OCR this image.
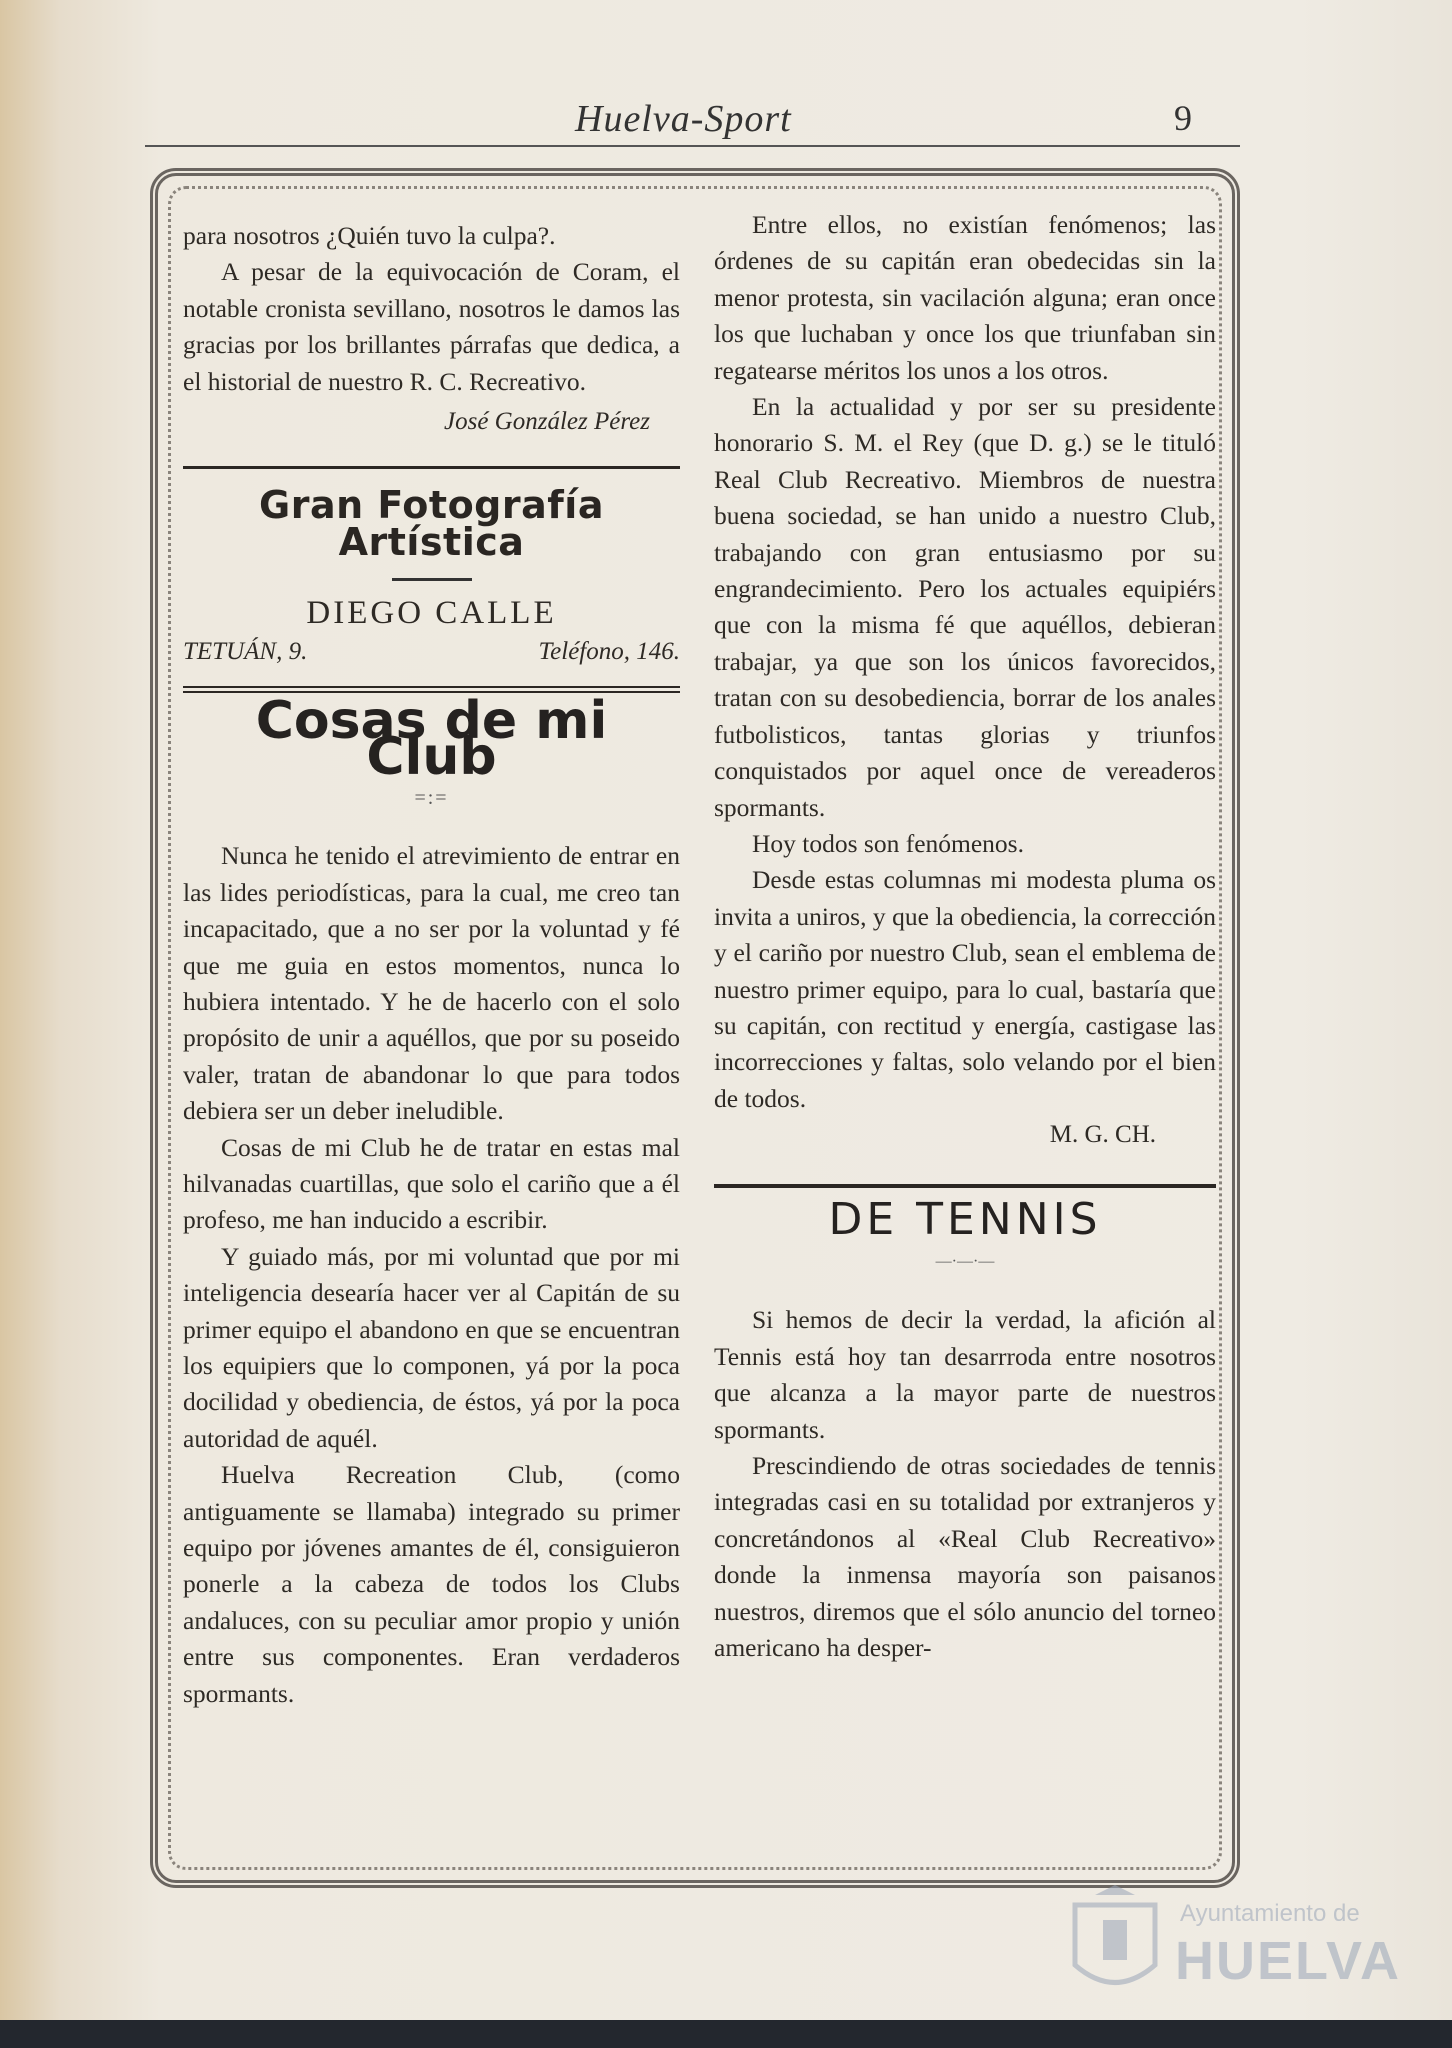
Huelva-Sport	9

para nosotros ¿Quién tuvo la culpa?.

A pesar de la equivocación de Coram, el notable cronista sevillano, nosotros le damos las gracias por los brillantes párrafas que dedica, a el historial de nuestro R. C. Recreativo.

José González Pérez
Gran Fotografía Artística
DIEGO CALLE
TETUÁN, 9.	Teléfono, 146.
Cosas de mi Club
=:=

Nunca he tenido el atrevimiento de entrar en las lides periodísticas, para la cual, me creo tan incapacitado, que a no ser por la voluntad y fé que me guia en estos momentos, nunca lo hubiera intentado. Y he de hacerlo con el solo propósito de unir a aquéllos, que por su poseido valer, tratan de abandonar lo que para todos debiera ser un deber ineludible.

Cosas de mi Club he de tratar en estas mal hilvanadas cuartillas, que solo el cariño que a él profeso, me han inducido a escribir.

Y guiado más, por mi voluntad que por mi inteligencia desearía hacer ver al Capitán de su primer equipo el abandono en que se encuentran los equipiers que lo componen, yá por la poca docilidad y obediencia, de éstos, yá por la poca autoridad de aquél.

Huelva Recreation Club, (como antiguamente se llamaba) integrado su primer equipo por jóvenes amantes de él, consiguieron ponerle a la cabeza de todos los Clubs andaluces, con su peculiar amor propio y unión entre sus componentes. Eran verdaderos spormants.

Entre ellos, no existían fenómenos; las órdenes de su capitán eran obedecidas sin la menor protesta, sin vacilación alguna; eran once los que luchaban y once los que triunfaban sin regatearse méritos los unos a los otros.

En la actualidad y por ser su presidente honorario S. M. el Rey (que D. g.) se le tituló Real Club Recreativo. Miembros de nuestra buena sociedad, se han unido a nuestro Club, trabajando con gran entusiasmo por su engrandecimiento. Pero los actuales equipiérs que con la misma fé que aquéllos, debieran trabajar, ya que son los únicos favorecidos, tratan con su desobediencia, borrar de los anales futbolisticos, tantas glorias y triunfos conquistados por aquel once de vereaderos spormants.

Hoy todos son fenómenos.

Desde estas columnas mi modesta pluma os invita a uniros, y que la obediencia, la corrección y el cariño por nuestro Club, sean el emblema de nuestro primer equipo, para lo cual, bastaría que su capitán, con rectitud y energía, castigase las incorrecciones y faltas, solo velando por el bien de todos.

M. G. CH.
DE TENNIS
—·—·—

Si hemos de decir la verdad, la afición al Tennis está hoy tan desarrroda entre nosotros que alcanza a la mayor parte de nuestros spormants.

Prescindiendo de otras sociedades de tennis integradas casi en su totalidad por extranjeros y concretándonos al «Real Club Recreativo» donde la inmensa mayoría son paisanos nuestros, diremos que el sólo anuncio del torneo americano ha desper-

Ayuntamiento de
HUELVA
